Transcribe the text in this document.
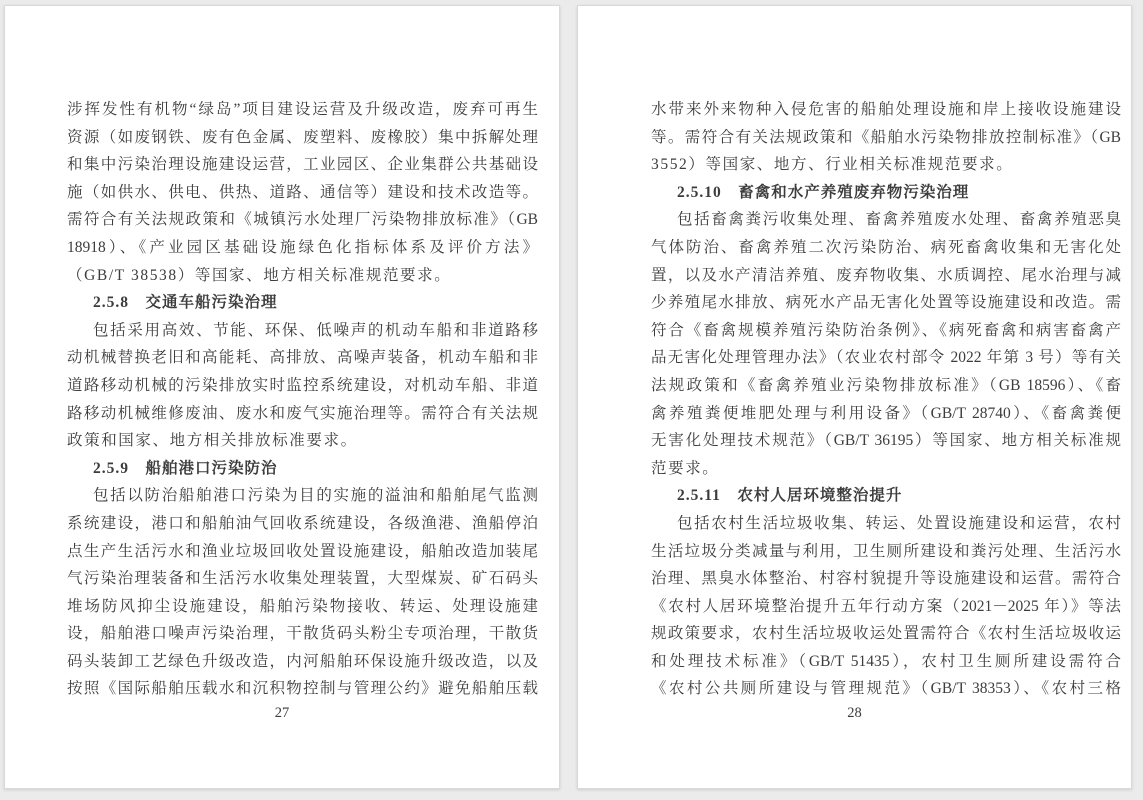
涉挥发性有机物“绿岛”项目建设运营及升级改造，废弃可再生
资源（如废钢铁、废有色金属、废塑料、废橡胶）集中拆解处理
和集中污染治理设施建设运营，工业园区、企业集群公共基础设
施（如供水、供电、供热、道路、通信等）建设和技术改造等。
需符合有关法规政策和《城镇污水处理厂污染物排放标准》（GB
18918）、《产业园区基础设施绿色化指标体系及评价方法》
（GB/T 38538）等国家、地方相关标准规范要求。
2.5.8　交通车船污染治理
包括采用高效、节能、环保、低噪声的机动车船和非道路移
动机械替换老旧和高能耗、高排放、高噪声装备，机动车船和非
道路移动机械的污染排放实时监控系统建设，对机动车船、非道
路移动机械维修废油、废水和废气实施治理等。需符合有关法规
政策和国家、地方相关排放标准要求。
2.5.9　船舶港口污染防治
包括以防治船舶港口污染为目的实施的溢油和船舶尾气监测
系统建设，港口和船舶油气回收系统建设，各级渔港、渔船停泊
点生产生活污水和渔业垃圾回收处置设施建设，船舶改造加装尾
气污染治理装备和生活污水收集处理装置，大型煤炭、矿石码头
堆场防风抑尘设施建设，船舶污染物接收、转运、处理设施建
设，船舶港口噪声污染治理，干散货码头粉尘专项治理，干散货
码头装卸工艺绿色升级改造，内河船舶环保设施升级改造，以及
按照《国际船舶压载水和沉积物控制与管理公约》避免船舶压载
27
水带来外来物种入侵危害的船舶处理设施和岸上接收设施建设
等。需符合有关法规政策和《船舶水污染物排放控制标准》（GB
3552）等国家、地方、行业相关标准规范要求。
2.5.10　畜禽和水产养殖废弃物污染治理
包括畜禽粪污收集处理、畜禽养殖废水处理、畜禽养殖恶臭
气体防治、畜禽养殖二次污染防治、病死畜禽收集和无害化处
置，以及水产清洁养殖、废弃物收集、水质调控、尾水治理与减
少养殖尾水排放、病死水产品无害化处置等设施建设和改造。需
符合《畜禽规模养殖污染防治条例》、《病死畜禽和病害畜禽产
品无害化处理管理办法》（农业农村部令 2022 年第 3 号）等有关
法规政策和《畜禽养殖业污染物排放标准》（GB 18596）、《畜
禽养殖粪便堆肥处理与利用设备》（GB/T 28740）、《畜禽粪便
无害化处理技术规范》（GB/T 36195）等国家、地方相关标准规
范要求。
2.5.11　农村人居环境整治提升
包括农村生活垃圾收集、转运、处置设施建设和运营，农村
生活垃圾分类减量与利用，卫生厕所建设和粪污处理、生活污水
治理、黑臭水体整治、村容村貌提升等设施建设和运营。需符合
《农村人居环境整治提升五年行动方案（2021－2025 年）》等法
规政策要求，农村生活垃圾收运处置需符合《农村生活垃圾收运
和处理技术标准》（GB/T 51435），农村卫生厕所建设需符合
《农村公共厕所建设与管理规范》（GB/T 38353）、《农村三格
28
